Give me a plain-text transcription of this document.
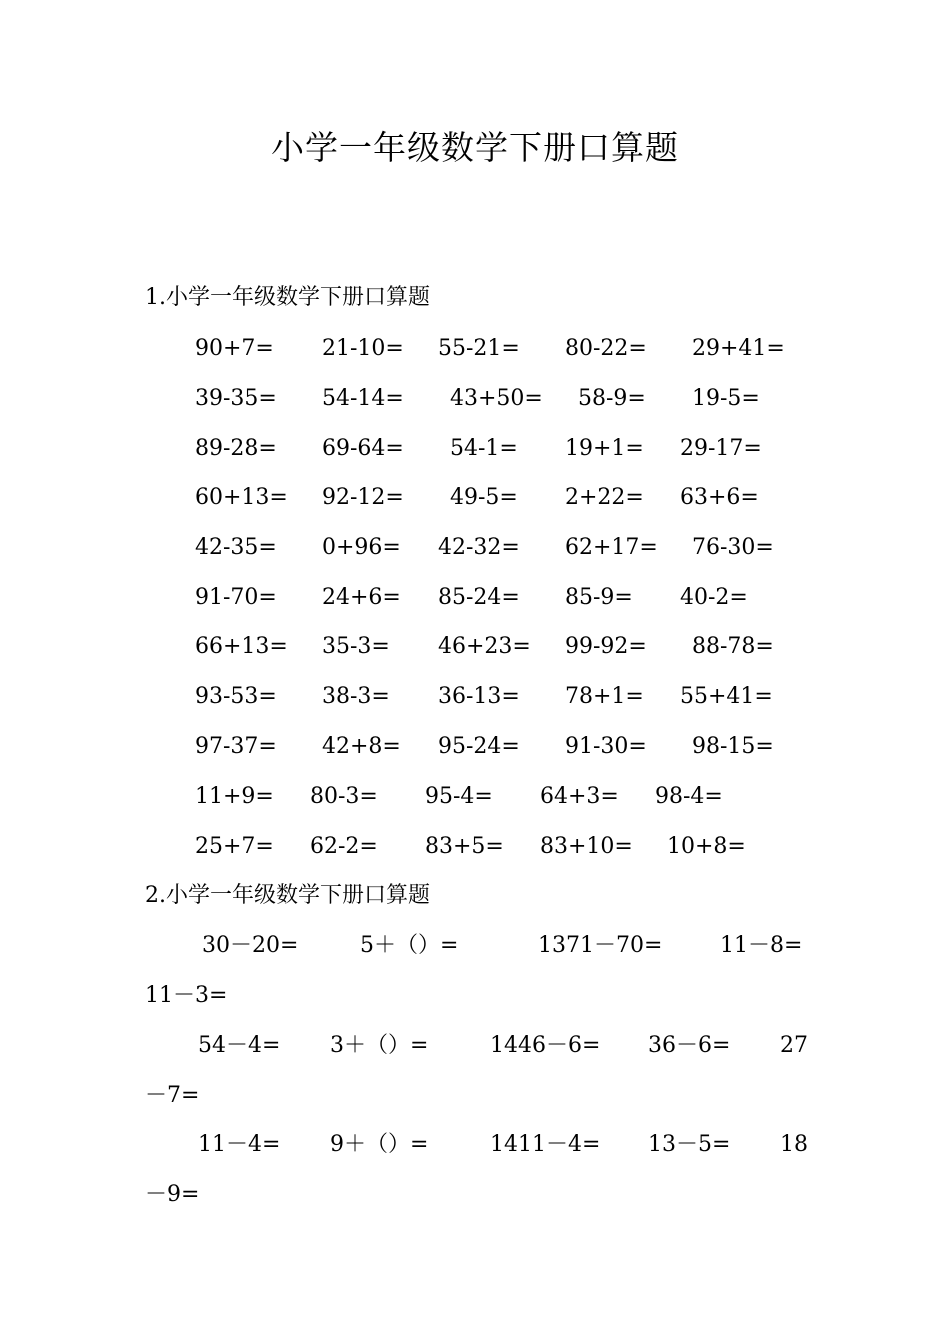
小学一年级数学下册口算题
1.小学一年级数学下册口算题
90+7= 21-10= 55-21= 80-22= 29+41=
39-35= 54-14= 43+50= 58-9= 19-5=
89-28= 69-64= 54-1= 19+1= 29-17=
60+13= 92-12= 49-5= 2+22= 63+6=
42-35= 0+96= 42-32= 62+17= 76-30=
91-70= 24+6= 85-24= 85-9= 40-2=
66+13= 35-3= 46+23= 99-92= 88-78=
93-53= 38-3= 36-13= 78+1= 55+41=
97-37= 42+8= 95-24= 91-30= 98-15=
11+9= 80-3= 95-4= 64+3= 98-4=
25+7= 62-2= 83+5= 83+10= 10+8=
2.小学一年级数学下册口算题
30－20=	5＋（）=	1371－70=	11－8=
11－3=
54－4= 3＋（）=	1446－6= 36－6= 27
－7=
11－4= 9＋（）=	1411－4= 13－5= 18
－9=
